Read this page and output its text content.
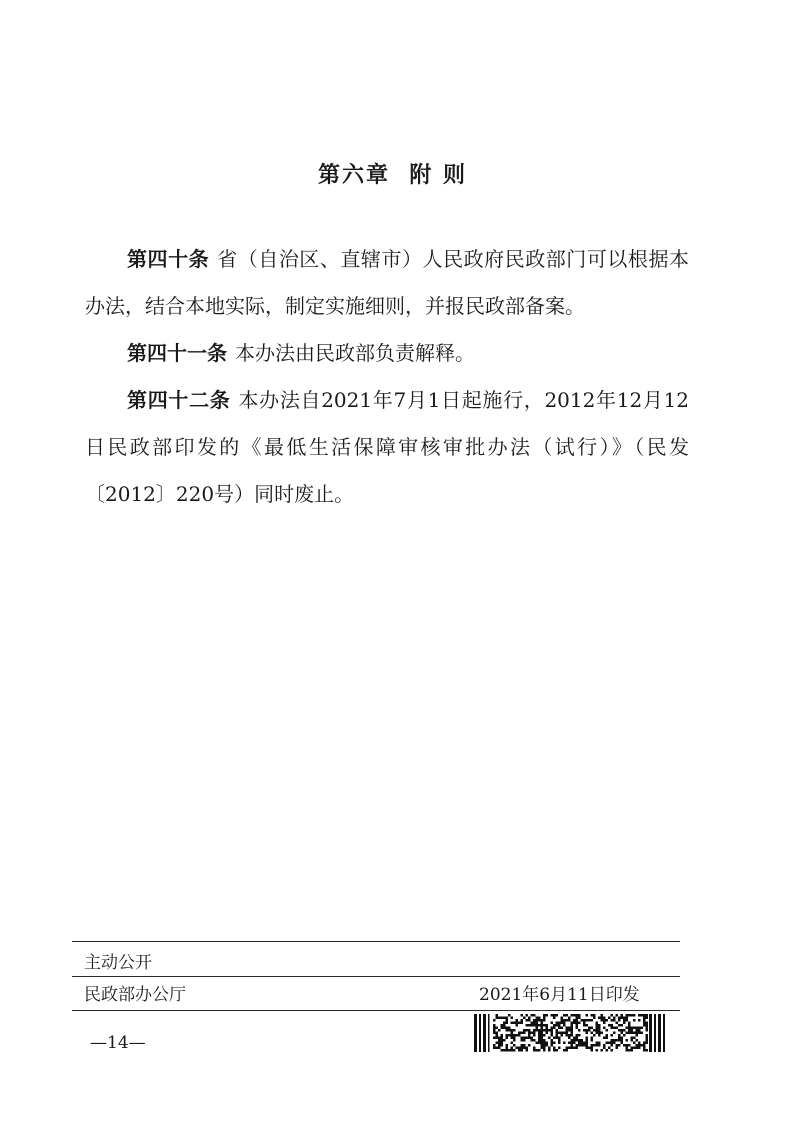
第六章  附 则

第四十条 省（自治区、直辖市）人民政府民政部门可以根据本办法，结合本地实际，制定实施细则，并报民政部备案。

第四十一条 本办法由民政部负责解释。

第四十二条 本办法自2021年7月1日起施行，2012年12月12日民政部印发的《最低生活保障审核审批办法（试行）》（民发〔2012〕220号）同时废止。

主动公开
民政部办公厅	2021年6月11日印发
—14—
